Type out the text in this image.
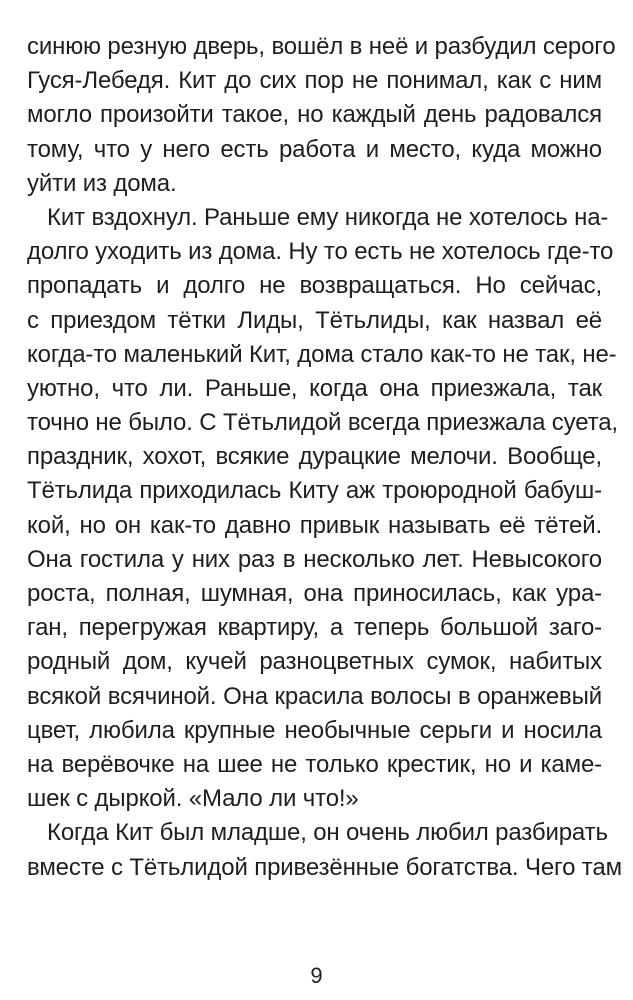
синюю резную дверь, вошёл в неё и разбудил серого
Гуся-Лебедя. Кит до сих пор не понимал, как с ним
могло произойти такое, но каждый день радовался
тому, что у него есть работа и место, куда можно
уйти из дома.
Кит вздохнул. Раньше ему никогда не хотелось на-
долго уходить из дома. Ну то есть не хотелось где-то
пропадать и долго не возвращаться. Но сейчас,
с приездом тётки Лиды, Тётьлиды, как назвал её
когда-то маленький Кит, дома стало как-то не так, не-
уютно, что ли. Раньше, когда она приезжала, так
точно не было. С Тётьлидой всегда приезжала суета,
праздник, хохот, всякие дурацкие мелочи. Вообще,
Тётьлида приходилась Киту аж троюродной бабуш-
кой, но он как-то давно привык называть её тётей.
Она гостила у них раз в несколько лет. Невысокого
роста, полная, шумная, она приносилась, как ура-
ган, перегружая квартиру, а теперь большой заго-
родный дом, кучей разноцветных сумок, набитых
всякой всячиной. Она красила волосы в оранжевый
цвет, любила крупные необычные серьги и носила
на верёвочке на шее не только крестик, но и каме-
шек с дыркой. «Мало ли что!»
Когда Кит был младше, он очень любил разбирать
вместе с Тётьлидой привезённые богатства. Чего там
9
